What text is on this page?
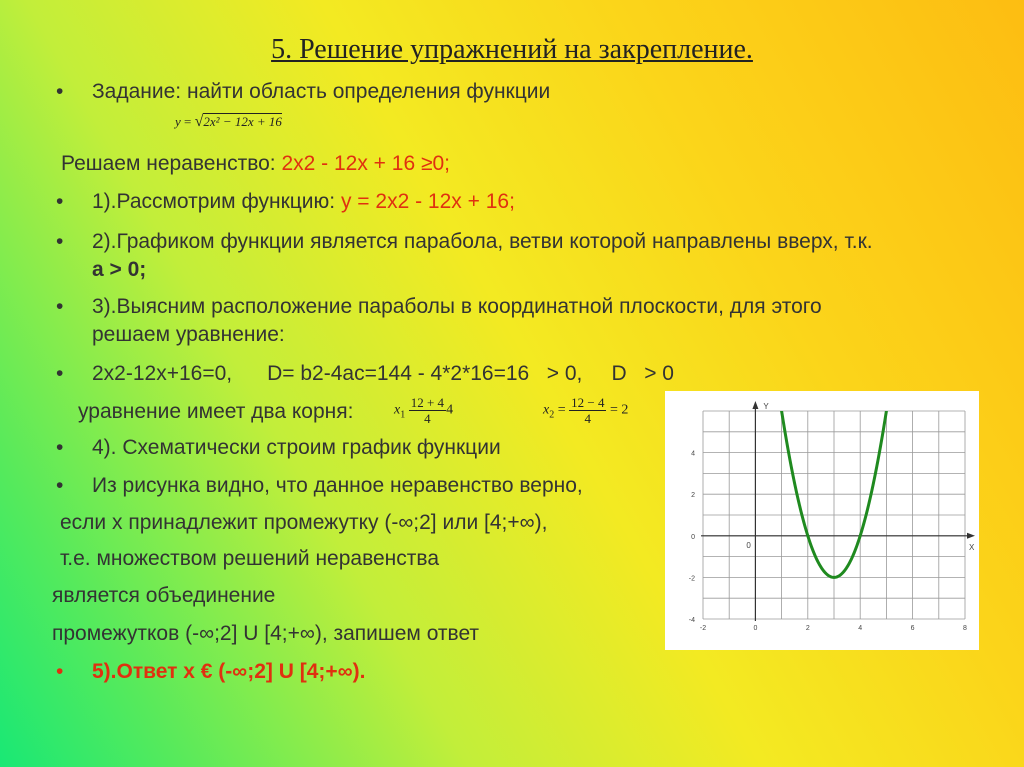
5. Решение упражнений на закрепление.
• Задание: найти область определения функции
y = √2x² − 12x + 16
Решаем неравенство: 2x2 - 12x + 16 ≥0;
• 1).Рассмотрим функцию: y = 2x2 - 12x + 16;
• 2).Графиком функции является парабола, ветви которой направлены вверх, т.к.
a > 0;
• 3).Выясним расположение параболы в координатной плоскости, для этого
решаем уравнение:
• 2x2-12x+16=0,      D= b2-4ac=144 - 4*2*16=16   > 0,     D   > 0
уравнение имеет два корня:	$x_1 \frac{12 + 4}{4} 4$	$x_2 = \frac{12 - 4}{4} = 2$
• 4). Схематически строим график функции
• Из рисунка видно, что данное неравенство верно,
если x принадлежит промежутку (-∞;2] или [4;+∞),
т.е. множеством решений неравенства
является объединение
промежутков (-∞;2] U [4;+∞), запишем ответ
• 5).Ответ x € (-∞;2] U [4;+∞).
X
Y
0
-2	0	2	4	6	8
4
2
0
-2
-4
